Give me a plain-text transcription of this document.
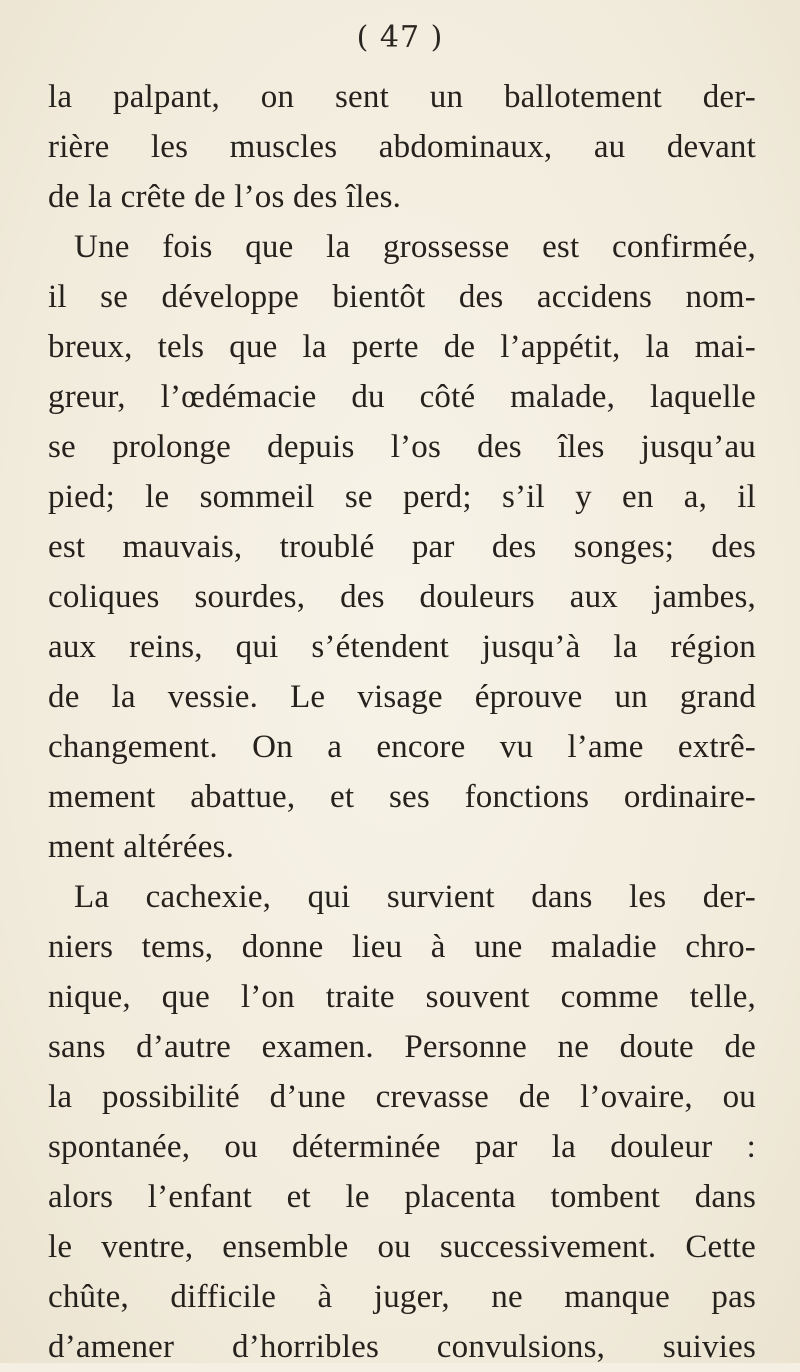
( 47 )
la palpant, on sent un ballotement der-
rière les muscles abdominaux, au devant
de la crête de l’os des îles.
Une fois que la grossesse est confirmée,
il se développe bientôt des accidens nom-
breux, tels que la perte de l’appétit, la mai-
greur, l’œdémacie du côté malade, laquelle
se prolonge depuis l’os des îles jusqu’au
pied; le sommeil se perd; s’il y en a, il
est mauvais, troublé par des songes; des
coliques sourdes, des douleurs aux jambes,
aux reins, qui s’étendent jusqu’à la région
de la vessie. Le visage éprouve un grand
changement. On a encore vu l’ame extrê-
mement abattue, et ses fonctions ordinaire-
ment altérées.
La cachexie, qui survient dans les der-
niers tems, donne lieu à une maladie chro-
nique, que l’on traite souvent comme telle,
sans d’autre examen. Personne ne doute de
la possibilité d’une crevasse de l’ovaire, ou
spontanée, ou déterminée par la douleur :
alors l’enfant et le placenta tombent dans
le ventre, ensemble ou successivement. Cette
chûte, difficile à juger, ne manque pas
d’amener d’horribles convulsions, suivies
